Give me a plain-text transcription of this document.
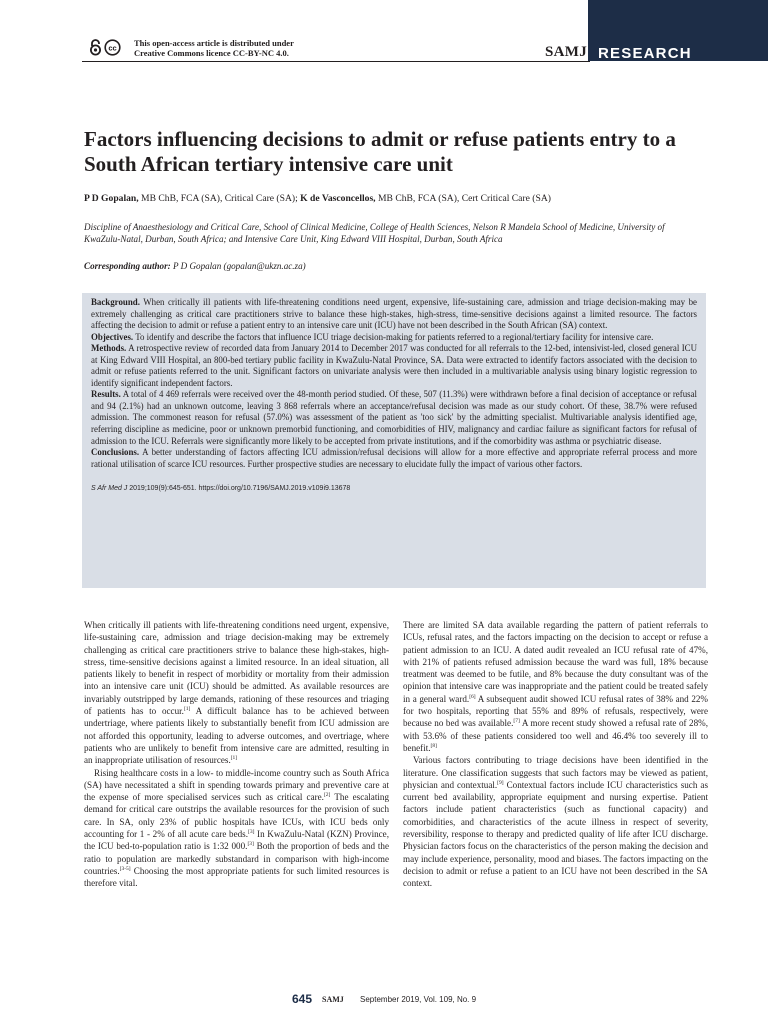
cc This open-access article is distributed under
Creative Commons licence CC-BY-NC 4.0.	SAMJ RESEARCH
Factors influencing decisions to admit or refuse patients entry to a South African tertiary intensive care unit
P D Gopalan, MB ChB, FCA (SA), Critical Care (SA); K de Vasconcellos, MB ChB, FCA (SA), Cert Critical Care (SA)
Discipline of Anaesthesiology and Critical Care, School of Clinical Medicine, College of Health Sciences, Nelson R Mandela School of Medicine, University of KwaZulu-Natal, Durban, South Africa; and Intensive Care Unit, King Edward VIII Hospital, Durban, South Africa
Corresponding author: P D Gopalan (gopalan@ukzn.ac.za)

Background. When critically ill patients with life-threatening conditions need urgent, expensive, life-sustaining care, admission and triage decision-making may be extremely challenging as critical care practitioners strive to balance these high-stakes, high-stress, time-sensitive decisions against a limited resource. The factors affecting the decision to admit or refuse a patient entry to an intensive care unit (ICU) have not been described in the South African (SA) context.

Objectives. To identify and describe the factors that influence ICU triage decision-making for patients referred to a regional/tertiary facility for intensive care.

Methods. A retrospective review of recorded data from January 2014 to December 2017 was conducted for all referrals to the 12-bed, intensivist-led, closed general ICU at King Edward VIII Hospital, an 800-bed tertiary public facility in KwaZulu-Natal Province, SA. Data were extracted to identify factors associated with the decision to admit or refuse patients referred to the unit. Significant factors on univariate analysis were then included in a multivariable analysis using binary logistic regression to identify significant independent factors.

Results. A total of 4 469 referrals were received over the 48-month period studied. Of these, 507 (11.3%) were withdrawn before a final decision of acceptance or refusal and 94 (2.1%) had an unknown outcome, leaving 3 868 referrals where an acceptance/refusal decision was made as our study cohort. Of these, 38.7% were refused admission. The commonest reason for refusal (57.0%) was assessment of the patient as 'too sick' by the admitting specialist. Multivariable analysis identified age, referring discipline as medicine, poor or unknown premorbid functioning, and comorbidities of HIV, malignancy and cardiac failure as significant factors for refusal of admission to the ICU. Referrals were significantly more likely to be accepted from private institutions, and if the comorbidity was asthma or psychiatric disease.

Conclusions. A better understanding of factors affecting ICU admission/refusal decisions will allow for a more effective and appropriate referral process and more rational utilisation of scarce ICU resources. Further prospective studies are necessary to elucidate fully the impact of various other factors.

S Afr Med J 2019;109(9):645-651. https://doi.org/10.7196/SAMJ.2019.v109i9.13678

When critically ill patients with life-threatening conditions need urgent, expensive, life-sustaining care, admission and triage decision-making may be extremely challenging as critical care practitioners strive to balance these high-stakes, high-stress, time-sensitive decisions against a limited resource. In an ideal situation, all patients likely to benefit in respect of morbidity or mortality from their admission into an intensive care unit (ICU) should be admitted. As available resources are invariably outstripped by large demands, rationing of these resources and triaging of patients has to occur.[1] A difficult balance has to be achieved between undertriage, where patients likely to substantially benefit from ICU admission are not afforded this opportunity, leading to adverse outcomes, and overtriage, where patients who are unlikely to benefit from intensive care are admitted, resulting in an inappropriate utilisation of resources.[1]

Rising healthcare costs in a low- to middle-income country such as South Africa (SA) have necessitated a shift in spending towards primary and preventive care at the expense of more specialised services such as critical care.[2] The escalating demand for critical care outstrips the available resources for the provision of such care. In SA, only 23% of public hospitals have ICUs, with ICU beds only accounting for 1 - 2% of all acute care beds.[3] In KwaZulu-Natal (KZN) Province, the ICU bed-to-population ratio is 1:32 000.[3] Both the proportion of beds and the ratio to population are markedly substandard in comparison with high-income countries.[3-5] Choosing the most appropriate patients for such limited resources is therefore vital.

There are limited SA data available regarding the pattern of patient referrals to ICUs, refusal rates, and the factors impacting on the decision to accept or refuse a patient admission to an ICU. A dated audit revealed an ICU refusal rate of 47%, with 21% of patients refused admission because the ward was full, 18% because treatment was deemed to be futile, and 8% because the duty consultant was of the opinion that intensive care was inappropriate and the patient could be treated safely in a general ward.[6] A subsequent audit showed ICU refusal rates of 38% and 22% for two hospitals, reporting that 55% and 89% of refusals, respectively, were because no bed was available.[7] A more recent study showed a refusal rate of 28%, with 53.6% of these patients considered too well and 46.4% too severely ill to benefit.[8]

Various factors contributing to triage decisions have been identified in the literature. One classification suggests that such factors may be viewed as patient, physician and contextual.[9] Contextual factors include ICU characteristics such as current bed availability, appropriate equipment and nursing expertise. Patient factors include patient characteristics (such as functional capacity) and comorbidities, and characteristics of the acute illness in respect of severity, reversibility, response to therapy and predicted quality of life after ICU discharge. Physician factors focus on the characteristics of the person making the decision and may include experience, personality, mood and biases. The factors impacting on the decision to admit or refuse a patient to an ICU have not been described in the SA context.

645 SAMJ September 2019, Vol. 109, No. 9
